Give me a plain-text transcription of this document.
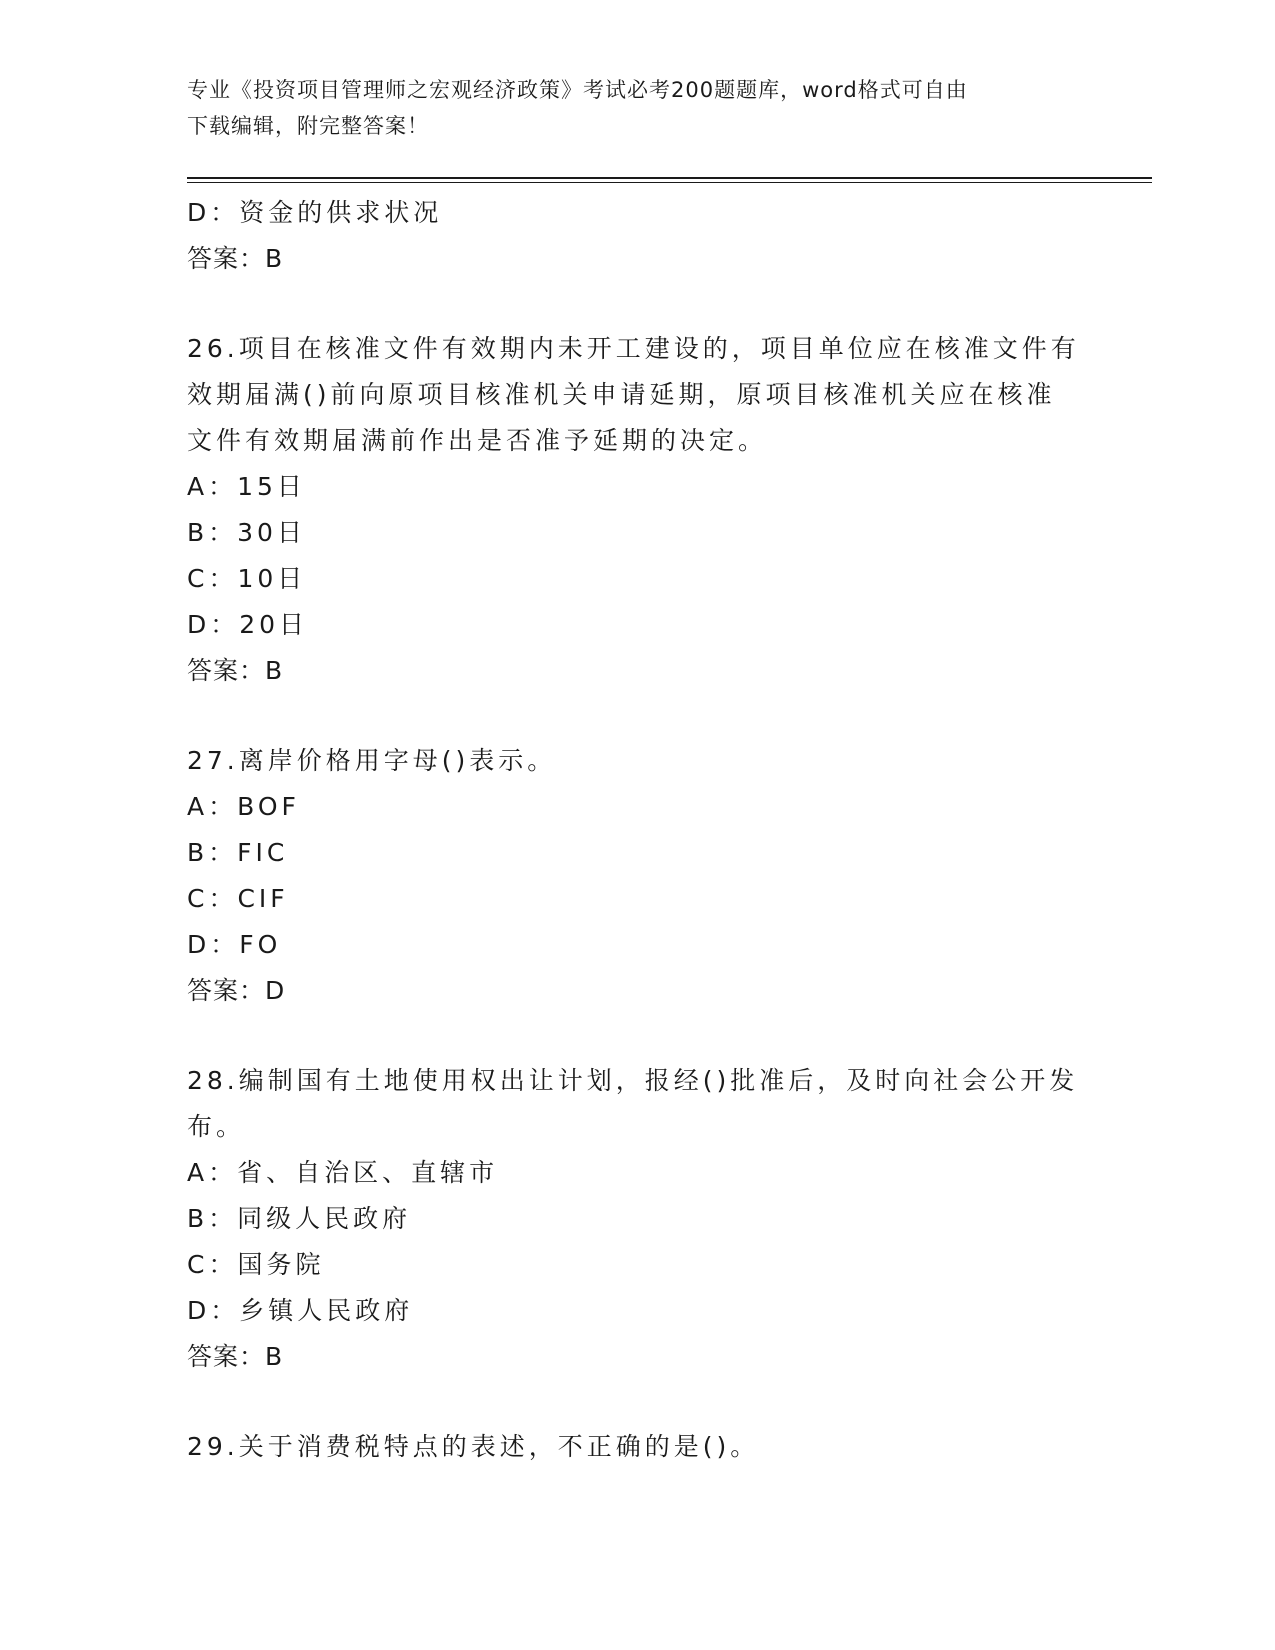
专业《投资项目管理师之宏观经济政策》考试必考200题题库，word格式可自由
下载编辑，附完整答案！
D：资金的供求状况
答案：B
26.项目在核准文件有效期内未开工建设的，项目单位应在核准文件有
效期届满()前向原项目核准机关申请延期，原项目核准机关应在核准
文件有效期届满前作出是否准予延期的决定。
A：15日
B：30日
C：10日
D：20日
答案：B
27.离岸价格用字母()表示。
A：BOF
B：FIC
C：CIF
D：FO
答案：D
28.编制国有土地使用权出让计划，报经()批准后，及时向社会公开发
布。
A：省、自治区、直辖市
B：同级人民政府
C：国务院
D：乡镇人民政府
答案：B
29.关于消费税特点的表述，不正确的是()。
